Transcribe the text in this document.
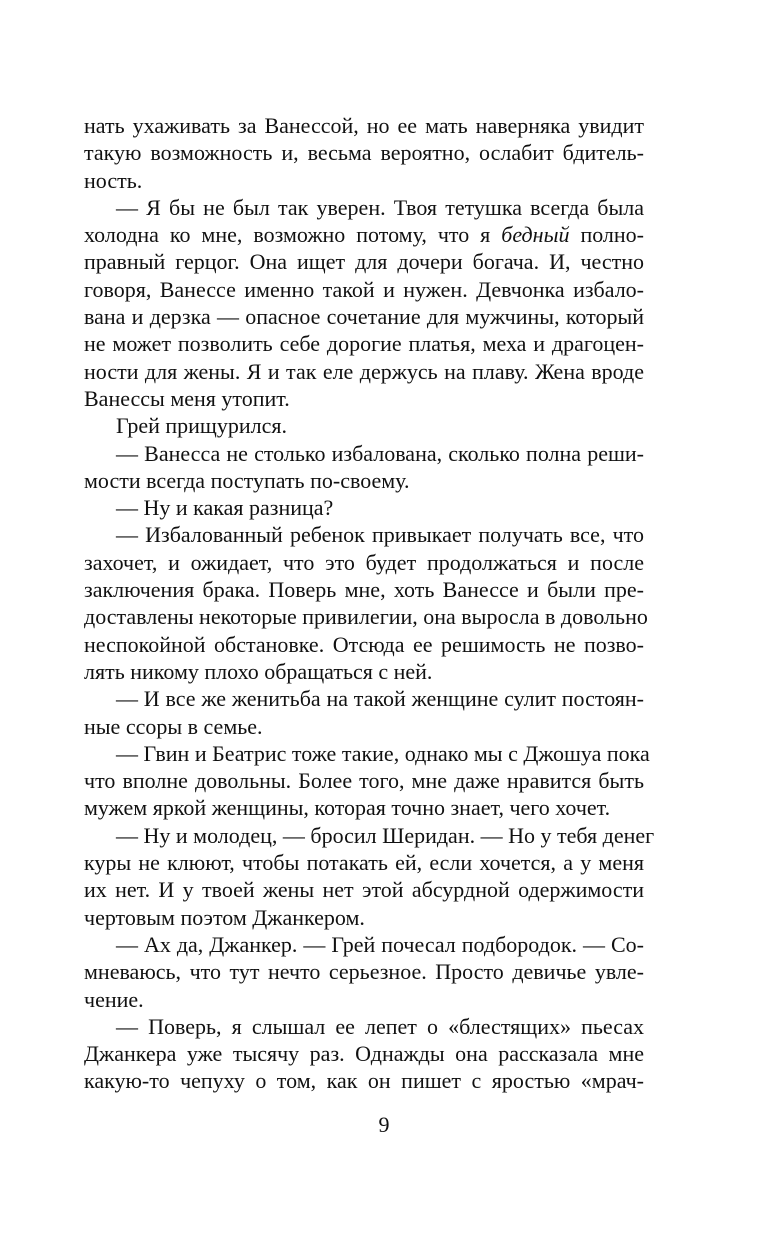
нать ухаживать за Ванессой, но ее мать наверняка увидит
такую возможность и, весьма вероятно, ослабит бдитель-
ность.
— Я бы не был так уверен. Твоя тетушка всегда была
холодна ко мне, возможно потому, что я бедный полно-
правный герцог. Она ищет для дочери богача. И, честно
говоря, Ванессе именно такой и нужен. Девчонка избало-
вана и дерзка — опасное сочетание для мужчины, который
не может позволить себе дорогие платья, меха и драгоцен-
ности для жены. Я и так еле держусь на плаву. Жена вроде
Ванессы меня утопит.
Грей прищурился.
— Ванесса не столько избалована, сколько полна реши-
мости всегда поступать по-своему.
— Ну и какая разница?
— Избалованный ребенок привыкает получать все, что
захочет, и ожидает, что это будет продолжаться и после
заключения брака. Поверь мне, хоть Ванессе и были пре-
доставлены некоторые привилегии, она выросла в довольно
неспокойной обстановке. Отсюда ее решимость не позво-
лять никому плохо обращаться с ней.
— И все же женитьба на такой женщине сулит постоян-
ные ссоры в семье.
— Гвин и Беатрис тоже такие, однако мы с Джошуа пока
что вполне довольны. Более того, мне даже нравится быть
мужем яркой женщины, которая точно знает, чего хочет.
— Ну и молодец, — бросил Шеридан. — Но у тебя денег
куры не клюют, чтобы потакать ей, если хочется, а у меня
их нет. И у твоей жены нет этой абсурдной одержимости
чертовым поэтом Джанкером.
— Ах да, Джанкер. — Грей почесал подбородок. — Со-
мневаюсь, что тут нечто серьезное. Просто девичье увле-
чение.
— Поверь, я слышал ее лепет о «блестящих» пьесах
Джанкера уже тысячу раз. Однажды она рассказала мне
какую-то чепуху о том, как он пишет с яростью «мрач-
9
